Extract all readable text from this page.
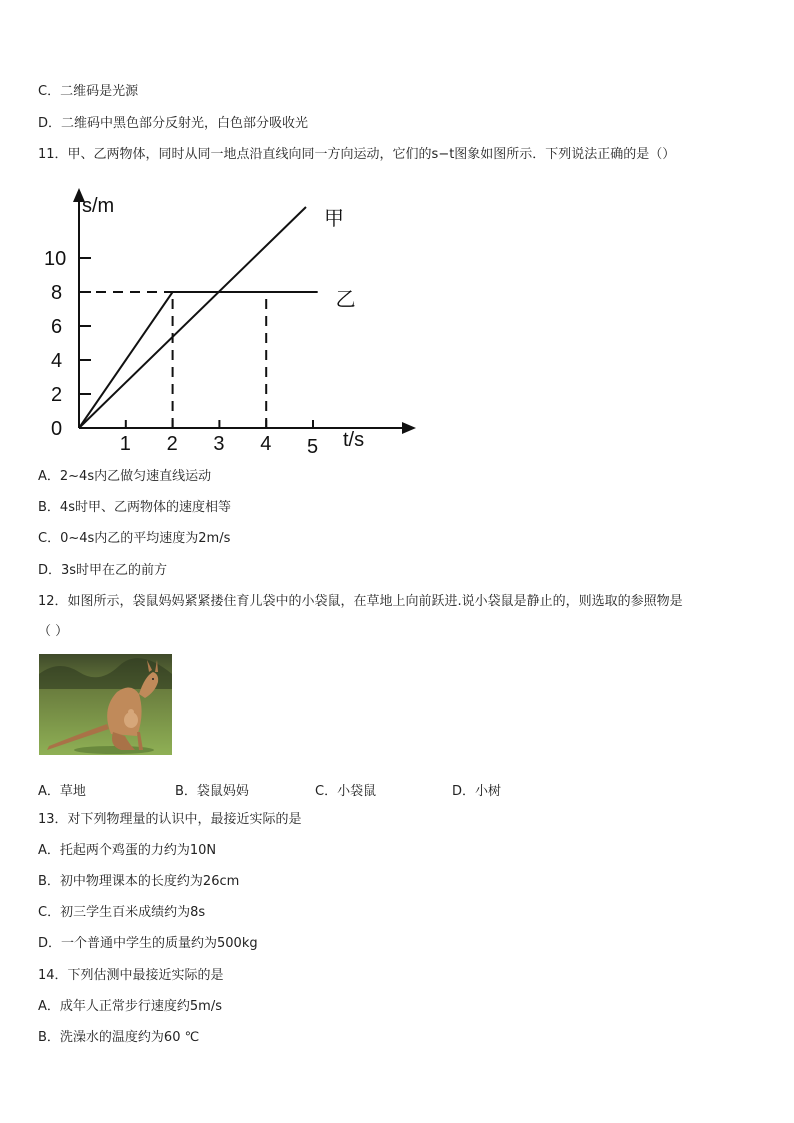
C．二维码是光源
D．二维码中黑色部分反射光，白色部分吸收光
11．甲、乙两物体，同时从同一地点沿直线向同一方向运动，它们的s−t图象如图所示．下列说法正确的是（）
A．2~4s内乙做匀速直线运动
B．4s时甲、乙两物体的速度相等
C．0~4s内乙的平均速度为2m/s
D．3s时甲在乙的前方
12．如图所示，袋鼠妈妈紧紧搂住育儿袋中的小袋鼠，在草地上向前跃进.说小袋鼠是静止的，则选取的参照物是
（ ）
13．对下列物理量的认识中，最接近实际的是
A．托起两个鸡蛋的力约为10N
B．初中物理课本的长度约为26cm
C．初三学生百米成绩约为8s
D．一个普通中学生的质量约为500kg
14．下列估测中最接近实际的是
A．成年人正常步行速度约5m/s
B．洗澡水的温度约为60 ℃
1 2 3 4 5
0
2
4
6
8
10
s/m
t/s
甲
乙
A．草地	B．袋鼠妈妈	C．小袋鼠	D．小树
